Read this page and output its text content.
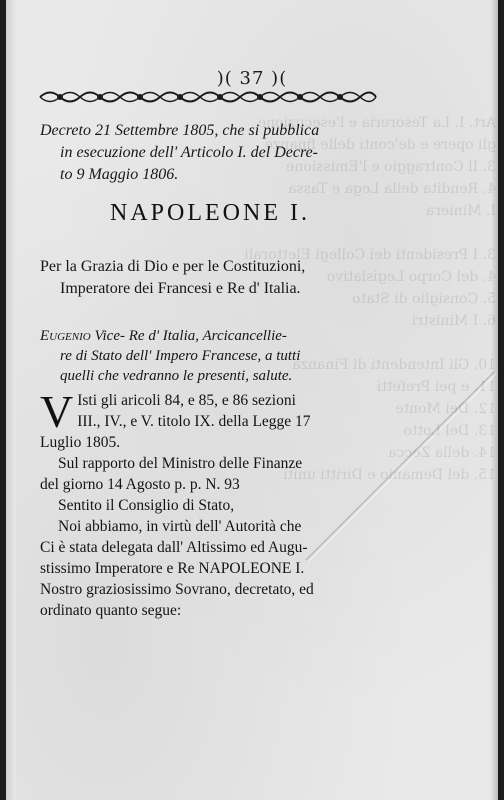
Art. I. La Tesoreria e l'esecuzione
gli opere e de'conti delle finanze
Il Contraggio e l'Emissione
Rendita della Lega e Tassa
Miniera

I Presidenti dei Collegi Elettorali
del Corpo Legislativo
Consiglio di Stato
I Ministri

10. Gli Intendenti di Finanza
11. e pei Prefetti
12.  Monte
13. Del Lotto
14. della Zecca
15. del Demanio e Diritti uniti

)( 37 )(
Decreto 21 Settembre 1805, che si pubblica
in esecuzione dell' Articolo I. del Decre-
to 9 Maggio 1806.
NAPOLEONE I.
Per la Grazia di Dio e per le Costituzioni,
Imperatore dei Francesi e Re d' Italia.
Eugenio Vice- Re d' Italia, Arcicancellie-
re di Stato dell' Impero Francese, a tutti
quelli che vedranno le presenti, salute.
V Isti gli aricoli 84, e 85, e 86 sezioni
III., IV., e V. titolo IX. della Legge 17
Luglio 1805.
Sul rapporto del Ministro delle Finanze
del giorno 14 Agosto p. p. N. 93
Sentito il Consiglio di Stato,
Noi abbiamo, in virtù dell' Autorità che
Ci è stata delegata dall' Altissimo ed Augu-
stissimo Imperatore e Re NAPOLEONE I.
Nostro graziosissimo Sovrano, decretato, ed
ordinato quanto segue:
